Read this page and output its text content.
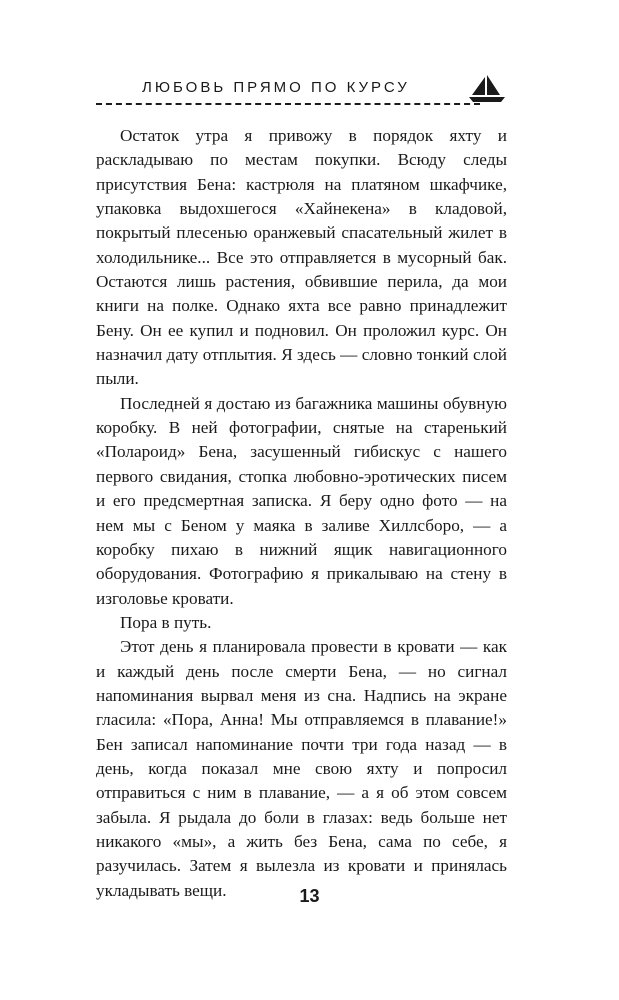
ЛЮБОВЬ ПРЯМО ПО КУРСУ

Остаток утра я привожу в порядок яхту и раскладываю по местам покупки. Всюду следы присутствия Бена: кастрюля на платяном шкафчике, упаковка выдохшегося «Хайнекена» в кладовой, покрытый плесенью оранжевый спасательный жилет в холодильнике... Все это отправляется в мусорный бак. Остаются лишь растения, обвившие перила, да мои книги на полке. Однако яхта все равно принадлежит Бену. Он ее купил и подновил. Он проложил курс. Он назначил дату отплытия. Я здесь — словно тонкий слой пыли.

Последней я достаю из багажника машины обувную коробку. В ней фотографии, снятые на старенький «Полароид» Бена, засушенный гибискус с нашего первого свидания, стопка любовно-эротических писем и его предсмертная записка. Я беру одно фото — на нем мы с Беном у маяка в заливе Хиллсборо, — а коробку пихаю в нижний ящик навигационного оборудования. Фотографию я прикалываю на стену в изголовье кровати.

Пора в путь.

Этот день я планировала провести в кровати — как и каждый день после смерти Бена, — но сигнал напоминания вырвал меня из сна. Надпись на экране гласила: «Пора, Анна! Мы отправляемся в плавание!» Бен записал напоминание почти три года назад — в день, когда показал мне свою яхту и попросил отправиться с ним в плавание, — а я об этом совсем забыла. Я рыдала до боли в глазах: ведь больше нет никакого «мы», а жить без Бена, сама по себе, я разучилась. Затем я вылезла из кровати и принялась укладывать вещи.	13
